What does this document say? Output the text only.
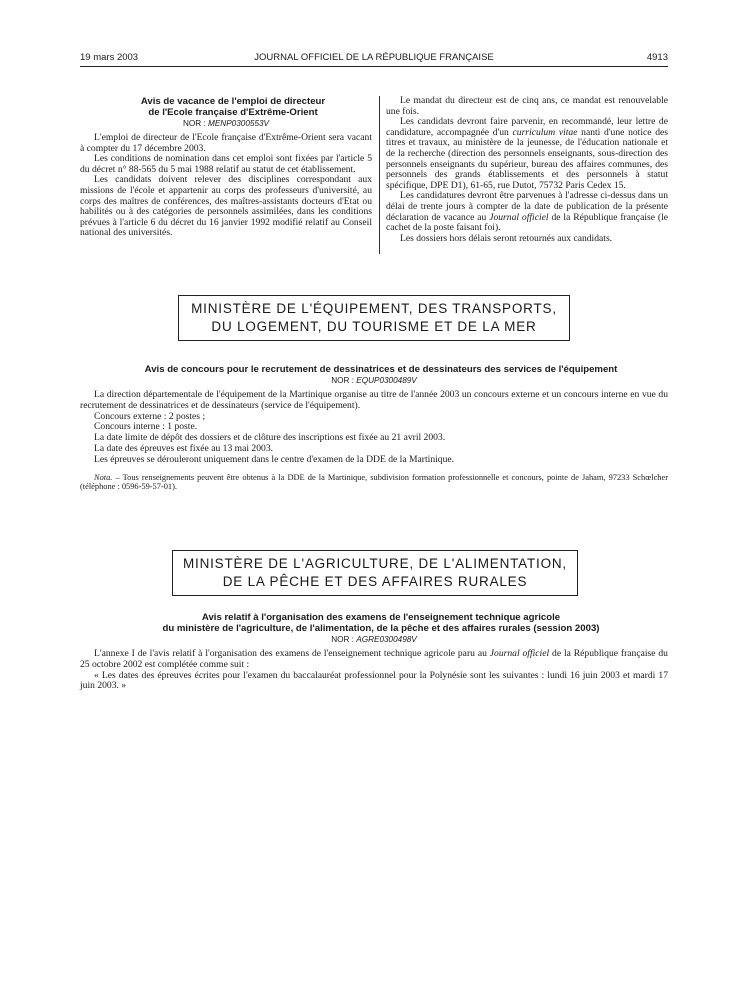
19 mars 2003	JOURNAL OFFICIEL DE LA RÉPUBLIQUE FRANÇAISE	4913

Avis de vacance de l'emploi de directeur

de l'Ecole française d'Extrême-Orient

NOR : MENP0300553V

L'emploi de directeur de l'Ecole française d'Extrême-Orient sera vacant à compter du 17 décembre 2003.

Les conditions de nomination dans cet emploi sont fixées par l'article 5 du décret n° 88-565 du 5 mai 1988 relatif au statut de cet établissement.

Les candidats doivent relever des disciplines correspondant aux missions de l'école et appartenir au corps des professeurs d'université, au corps des maîtres de conférences, des maîtres-assistants docteurs d'Etat ou habilités ou à des catégories de personnels assimilées, dans les conditions prévues à l'article 6 du décret du 16 janvier 1992 modifié relatif au Conseil national des universités.

Le mandat du directeur est de cinq ans, ce mandat est renouvelable une fois.

Les candidats devront faire parvenir, en recommandé, leur lettre de candidature, accompagnée d'un curriculum vitae nanti d'une notice des titres et travaux, au ministère de la jeunesse, de l'éducation nationale et de la recherche (direction des personnels enseignants, sous-direction des personnels enseignants du supérieur, bureau des affaires communes, des personnels des grands établissements et des personnels à statut spécifique, DPE D1), 61-65, rue Dutot, 75732 Paris Cedex 15.

Les candidatures devront être parvenues à l'adresse ci-dessus dans un délai de trente jours à compter de la date de publication de la présente déclaration de vacance au Journal officiel de la République française (le cachet de la poste faisant foi).

Les dossiers hors délais seront retournés aux candidats.

MINISTÈRE DE L'ÉQUIPEMENT, DES TRANSPORTS,
DU LOGEMENT, DU TOURISME ET DE LA MER

Avis de concours pour le recrutement de dessinatrices et de dessinateurs des services de l'équipement

NOR : EQUP0300489V

La direction départementale de l'équipement de la Martinique organise au titre de l'année 2003 un concours externe et un concours interne en vue du recrutement de dessinatrices et de dessinateurs (service de l'équipement).

Concours externe : 2 postes ;

Concours interne : 1 poste.

La date limite de dépôt des dossiers et de clôture des inscriptions est fixée au 21 avril 2003.

La date des épreuves est fixée au 13 mai 2003.

Les épreuves se dérouleront uniquement dans le centre d'examen de la DDE de la Martinique.

Nota. – Tous renseignements peuvent être obtenus à la DDE de la Martinique, subdivision formation professionnelle et concours, pointe de Jaham, 97233 Schœlcher (téléphone : 0596-59-57-01).

MINISTÈRE DE L'AGRICULTURE, DE L'ALIMENTATION,
DE LA PÊCHE ET DES AFFAIRES RURALES

Avis relatif à l'organisation des examens de l'enseignement technique agricole

du ministère de l'agriculture, de l'alimentation, de la pêche et des affaires rurales (session 2003)

NOR : AGRE0300498V

L'annexe I de l'avis relatif à l'organisation des examens de l'enseignement technique agricole paru au Journal officiel de la République française du 25 octobre 2002 est complétée comme suit :

« Les dates des épreuves écrites pour l'examen du baccalauréat professionnel pour la Polynésie sont les suivantes : lundi 16 juin 2003 et mardi 17 juin 2003. »
